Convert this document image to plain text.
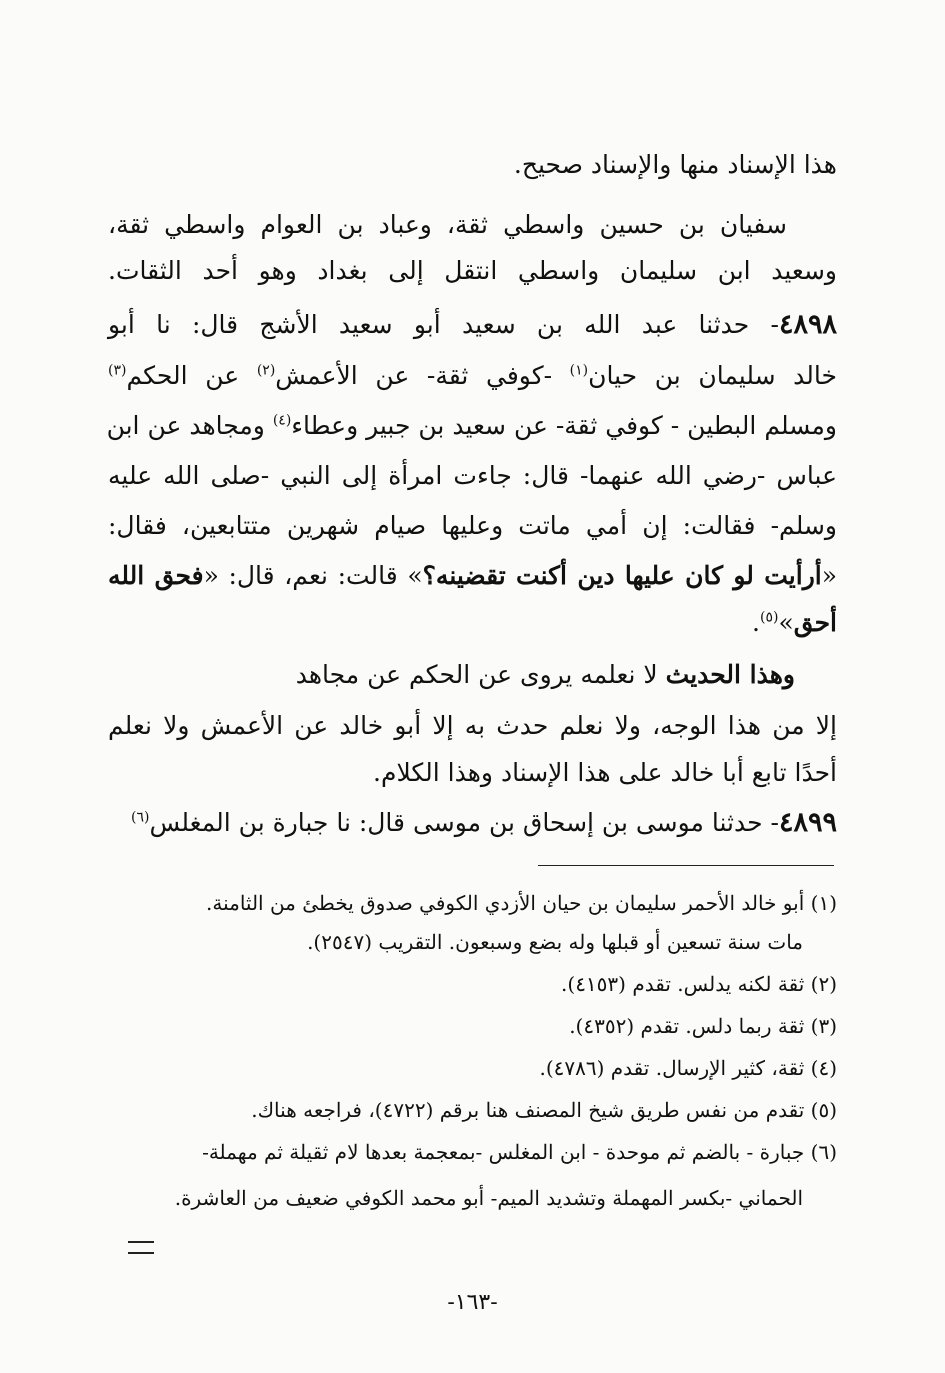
هذا الإسناد منها والإسناد صحيح.
سفيان بن حسين واسطي ثقة، وعباد بن العوام واسطي ثقة،
وسعيد ابن سليمان واسطي انتقل إلى بغداد وهو أحد الثقات.
٤٨٩٨- حدثنا عبد الله بن سعيد أبو سعيد الأشج قال: نا أبو
خالد سليمان بن حيان$^{(١)}$ -كوفي ثقة- عن الأعمش$^{(٢)}$ عن الحكم$^{(٣)}$
ومسلم البطين - كوفي ثقة- عن سعيد بن جبير وعطاء$^{(٤)}$ ومجاهد عن ابن
عباس -رضي الله عنهما- قال: جاءت امرأة إلى النبي -صلى الله عليه
وسلم- فقالت: إن أمي ماتت وعليها صيام شهرين متتابعين، فقال:
«أرأيت لو كان عليها دين أكنت تقضينه؟» قالت: نعم، قال: «فحق الله
أحق»$^{(٥)}$.
وهذا الحديث لا نعلمه يروى عن الحكم عن مجاهد
إلا من هذا الوجه، ولا نعلم حدث به إلا أبو خالد عن الأعمش ولا نعلم
أحدًا تابع أبا خالد على هذا الإسناد وهذا الكلام.
٤٨٩٩- حدثنا موسى بن إسحاق بن موسى قال: نا جبارة بن المغلس$^{(٦)}$
(١) أبو خالد الأحمر سليمان بن حيان الأزدي الكوفي صدوق يخطئ من الثامنة.
مات سنة تسعين أو قبلها وله بضع وسبعون. التقريب (٢٥٤٧).
(٢) ثقة لكنه يدلس. تقدم (٤١٥٣).
(٣) ثقة ربما دلس. تقدم (٤٣٥٢).
(٤) ثقة، كثير الإرسال. تقدم (٤٧٨٦).
(٥) تقدم من نفس طريق شيخ المصنف هنا برقم (٤٧٢٢)، فراجعه هناك.
(٦) جبارة - بالضم ثم موحدة - ابن المغلس -بمعجمة بعدها لام ثقيلة ثم مهملة-
الحماني -بكسر المهملة وتشديد الميم- أبو محمد الكوفي ضعيف من العاشرة.
-١٦٣-
